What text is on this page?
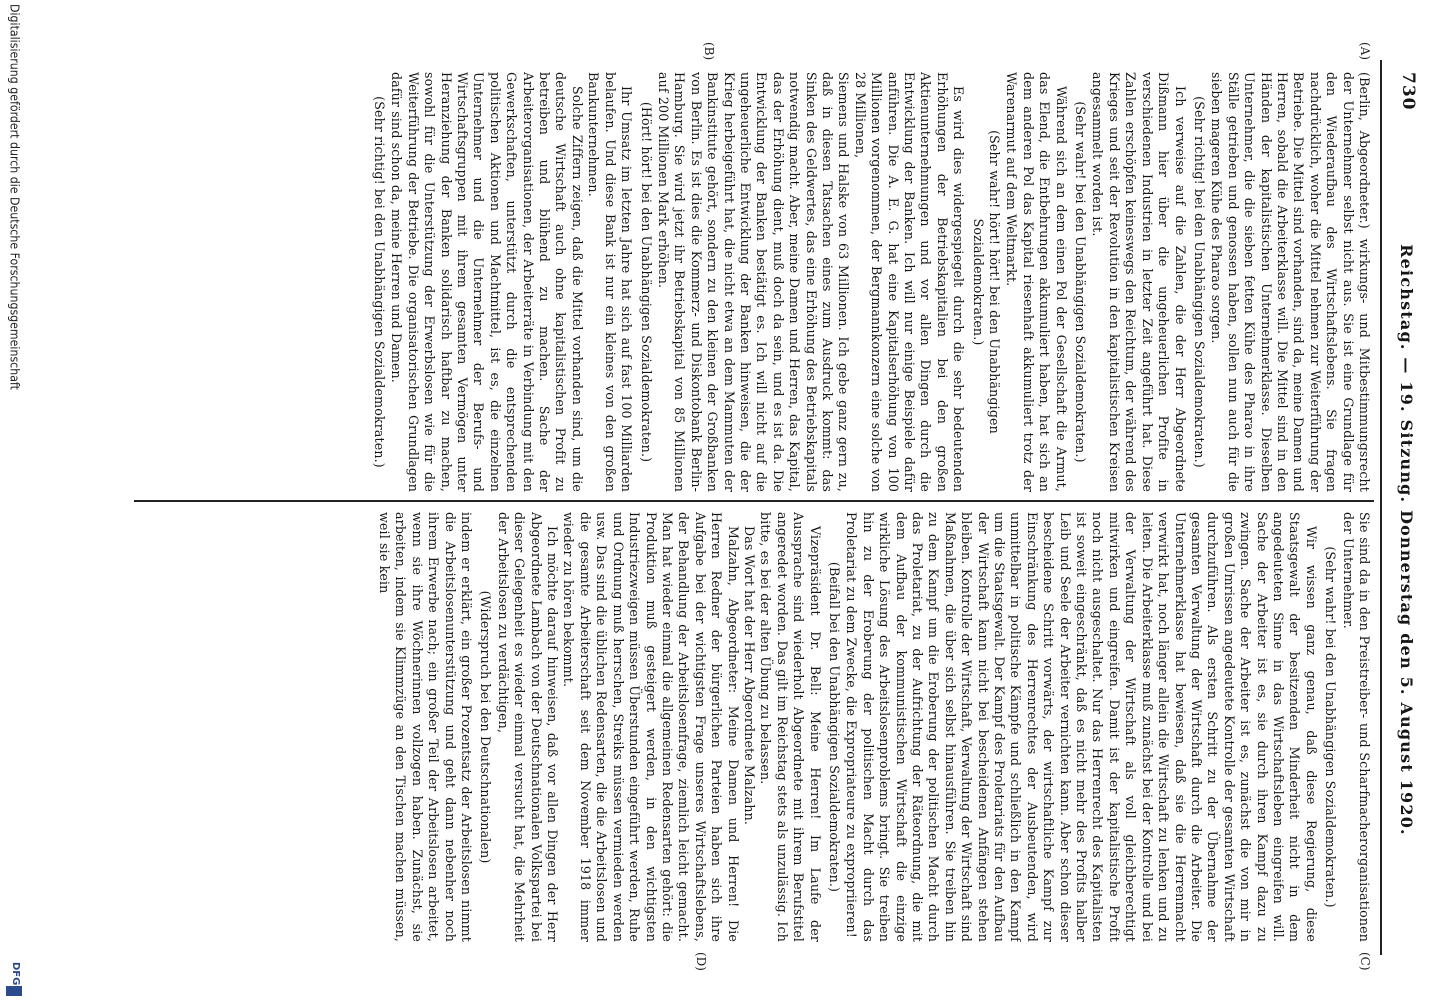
730
Reichstag. — 19. Sitzung. Donnerstag den 5. August 1920.
(A)
(B)
(C)
(D)

(Berlin, Abgeordneter.) wirkungs- und Mitbestimmungsrecht der Unternehmer selbst nicht aus. Sie ist eine Grundlage für den Wiederaufbau des Wirtschaftslebens. Sie fragen nachdrücklich, woher die Mittel nehmen zur Weiterführung der Betriebe. Die Mittel sind vorhanden, sind da, meine Damen und Herren, sobald die Arbeiterklasse will. Die Mittel sind in den Händen der kapitalistischen Unternehmerklasse. Dieselben Unternehmer, die die sieben fetten Kühe des Pharao in ihre Ställe getrieben und genossen haben, sollen nun auch für die sieben mageren Kühe des Pharao sorgen.

(Sehr richtig! bei den Unabhängigen Sozialdemokraten.)

Ich verweise auf die Zahlen, die der Herr Abgeordnete Dißmann hier über die ungeheuerlichen Profite in verschiedenen Industrien in letzter Zeit angeführt hat. Diese Zahlen erschöpfen keineswegs den Reichtum, der während des Krieges und seit der Revolution in den kapitalistischen Kreisen angesammelt worden ist.

(Sehr wahr! bei den Unabhängigen Sozialdemokraten.)

Während sich an dem einen Pol der Gesellschaft die Armut, das Elend, die Entbehrungen akkumuliert haben, hat sich an dem anderen Pol das Kapital riesenhaft akkumuliert trotz der Warenarmut auf dem Weltmarkt.

(Sehr wahr! hört! hört! bei den Unabhängigen Sozialdemokraten.)

Es wird dies widergespiegelt durch die sehr bedeutenden Erhöhungen der Betriebskapitalien bei den großen Aktienunternehmungen und vor allen Dingen durch die Entwicklung der Banken. Ich will nur einige Beispiele dafür anführen. Die A. E. G. hat eine Kapitalserhöhung von 100 Millionen vorgenommen, der Bergmannkonzern eine solche von 28 Millionen,

Siemens und Halske von 63 Millionen. Ich gebe ganz gern zu, daß in diesen Tatsachen eines zum Ausdruck kommt: das Sinken des Geldwertes, das eine Erhöhung des Betriebskapitals notwendig macht. Aber, meine Damen und Herren, das Kapital, das der Erhöhung dient, muß doch da sein, und es ist da. Die Entwicklung der Banken bestätigt es. Ich will nicht auf die ungeheuerliche Entwicklung der Banken hinweisen, die der Krieg herbeigeführt hat, die nicht etwa an dem Mammuten der Bankinstitute gehört, sondern zu den kleinen der Großbanken von Berlin. Es ist dies die Kommerz- und Diskontobank Berlin-Hamburg. Sie wird jetzt ihr Betriebskapital von 85 Millionen auf 200 Millionen Mark erhöhen.

(Hört! hört! bei den Unabhängigen Sozialdemokraten.)

Ihr Umsatz im letzten Jahre hat sich auf fast 100 Milliarden belaufen. Und diese Bank ist nur ein kleines von den großen Bankunternehmen.

Solche Ziffern zeigen, daß die Mittel vorhanden sind, um die deutsche Wirtschaft auch ohne kapitalistischen Profit zu betreiben und blühend zu machen. Sache der Arbeiterorganisationen, der Arbeiterräte in Verbindung mit den Gewerkschaften, unterstützt durch die entsprechenden politischen Aktionen und Machtmittel, ist es, die einzelnen Unternehmer und die Unternehmer der Berufs- und Wirtschaftsgruppen mit ihrem gesamten Vermögen unter Heranziehung der Banken solidarisch haftbar zu machen, sowohl für die Unterstützung der Erwerbslosen wie für die Weiterführung der Betriebe. Die organisatorischen Grundlagen dafür sind schon da, meine Herren und Damen.

(Sehr richtig! bei den Unabhängigen Sozialdemokraten.)

Sie sind da in den Preistreiber- und Scharfmacherorganisationen der Unternehmer.

(Sehr wahr! bei den Unabhängigen Sozialdemokraten.)

Wir wissen ganz genau, daß diese Regierung, diese Staatsgewalt der besitzenden Minderheit nicht in dem angedeuteten Sinne in das Wirtschaftsleben eingreifen will. Sache der Arbeiter ist es, sie durch ihren Kampf dazu zu zwingen. Sache der Arbeiter ist es, zunächst die von mir in großen Umrissen angedeutete Kontrolle der gesamten Wirtschaft durchzuführen. Als ersten Schritt zu der Übernahme der gesamten Verwaltung der Wirtschaft durch die Arbeiter. Die Unternehmerklasse hat bewiesen, daß sie die Herrenmacht verwirkt hat, noch länger allein die Wirtschaft zu lenken und zu leiten. Die Arbeiterklasse muß zunächst bei der Kontrolle und bei der Verwaltung der Wirtschaft als voll gleichberechtigt mitwirken und eingreifen. Damit ist der kapitalistische Profit noch nicht ausgeschaltet. Nur das Herrenrecht des Kapitalisten ist soweit eingeschränkt, daß es nicht mehr des Profits halber Leib und Seele der Arbeiter vernichten kann. Aber schon dieser bescheidene Schritt vorwärts, der wirtschaftliche Kampf zur Einschränkung des Herrenrechtes der Ausbeutenden, wird unmittelbar in politische Kämpfe und schließlich in den Kampf um die Staatsgewalt. Der Kampf des Proletariats für den Aufbau der Wirtschaft kann nicht bei bescheidenen Anfängen stehen bleiben. Kontrolle der Wirtschaft, Verwaltung der Wirtschaft sind Maßnahmen, die über sich selbst hinausführen. Sie treiben hin zu dem Kampf um die Eroberung der politischen Macht durch das Proletariat, zu der Aufrichtung der Räteordnung, die mit dem Aufbau der kommunistischen Wirtschaft die einzige wirkliche Lösung des Arbeitslosenproblems bringt. Sie treiben hin zu der Eroberung der politischen Macht durch das Proletariat zu dem Zwecke, die Expropriateure zu expropriieren!

(Beifall bei den Unabhängigen Sozialdemokraten.)

Vizepräsident Dr. Bell: Meine Herren! Im Laufe der Aussprache sind wiederholt Abgeordnete mit ihrem Berufstitel angeredet worden. Das gilt im Reichstag stets als unzulässig. Ich bitte, es bei der alten Übung zu belassen.

Das Wort hat der Herr Abgeordnete Malzahn.

Malzahn, Abgeordneter: Meine Damen und Herren! Die Herren Redner der bürgerlichen Parteien haben sich ihre Aufgabe bei der wichtigsten Frage unseres Wirtschaftslebens, der Behandlung der Arbeitslosenfrage, ziemlich leicht gemacht. Man hat wieder einmal die allgemeinen Redensarten gehört: die Produktion muß gesteigert werden, in den wichtigsten Industriezweigen müssen Überstunden eingeführt werden, Ruhe und Ordnung muß herrschen, Streiks müssen vermieden werden usw. Das sind die üblichen Redensarten, die die Arbeitslosen und die gesamte Arbeiterschaft seit dem November 1918 immer wieder zu hören bekommt.

Ich möchte darauf hinweisen, daß vor allen Dingen der Herr Abgeordnete Lambach von der Deutschnationalen Volkspartei bei dieser Gelegenheit es wieder einmal versucht hat, die Mehrheit der Arbeitslosen zu verdächtigen,

(Widerspruch bei den Deutschnationalen)

indem er erklärt, ein großer Prozentsatz der Arbeitslosen nimmt die Arbeitslosenunterstützung und geht dann nebenher noch ihrem Erwerbe nach; ein großer Teil der Arbeitslosen arbeitet, wenn sie ihre Wöchnerinnen vollzogen haben. Zunächst, sie arbeiten, indem sie Klimmzüge an den Tischen machen müssen, weil sie kein

Digitalisierung gefördert durch die Deutsche Forschungsgemeinschaft
DFG
